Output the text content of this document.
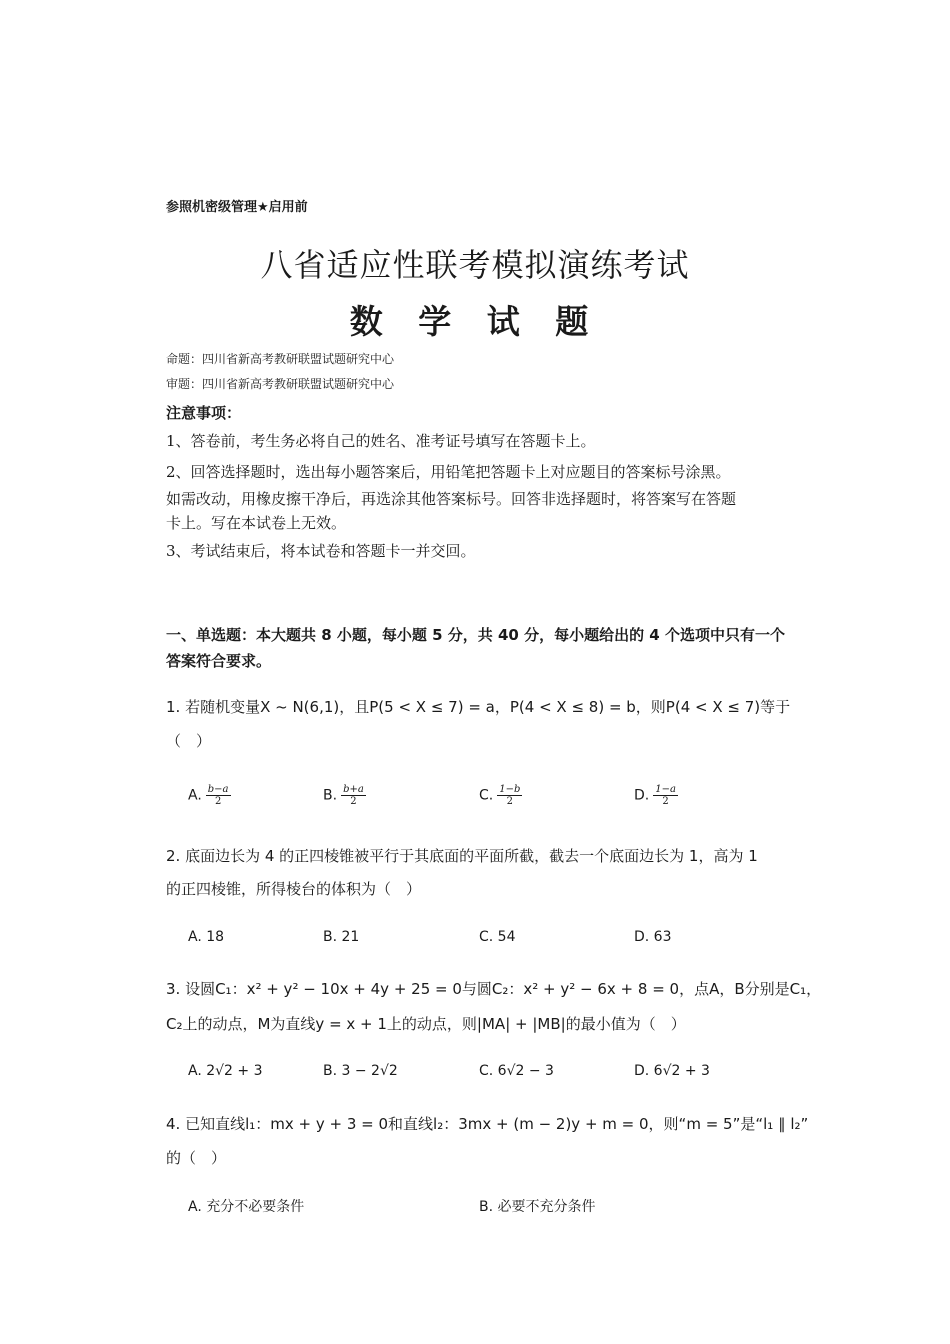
参照机密级管理★启用前
八省适应性联考模拟演练考试
数 学 试 题
命题：四川省新高考教研联盟试题研究中心
审题：四川省新高考教研联盟试题研究中心
注意事项：
1、答卷前，考生务必将自己的姓名、准考证号填写在答题卡上。
2、回答选择题时，选出每小题答案后，用铅笔把答题卡上对应题目的答案标号涂黑。
如需改动，用橡皮擦干净后，再选涂其他答案标号。回答非选择题时，将答案写在答题
卡上。写在本试卷上无效。
3、考试结束后，将本试卷和答题卡一并交回。
一、单选题：本大题共 8 小题，每小题 5 分，共 40 分，每小题给出的 4 个选项中只有一个
答案符合要求。
1. 若随机变量X ~ N(6,1)，且P(5 < X ≤ 7) = a，P(4 < X ≤ 8) = b，则P(4 < X ≤ 7)等于
（　）
A. $\frac{b-a}{2}$	B. $\frac{b+a}{2}$	C. $\frac{1-b}{2}$	D. $\frac{1-a}{2}$
2. 底面边长为 4 的正四棱锥被平行于其底面的平面所截，截去一个底面边长为 1，高为 1
的正四棱锥，所得棱台的体积为（　）
A. 18	B. 21	C. 54	D. 63
3. 设圆C₁：x² + y² − 10x + 4y + 25 = 0与圆C₂：x² + y² − 6x + 8 = 0，点A，B分别是C₁，
C₂上的动点，M为直线y = x + 1上的动点，则|MA| + |MB|的最小值为（　）
A. 2√2 + 3	B. 3 − 2√2	C. 6√2 − 3	D. 6√2 + 3
4. 已知直线l₁：mx + y + 3 = 0和直线l₂：3mx + (m − 2)y + m = 0，则“m = 5”是“l₁ ∥ l₂”
的（　）
A. 充分不必要条件	B. 必要不充分条件
